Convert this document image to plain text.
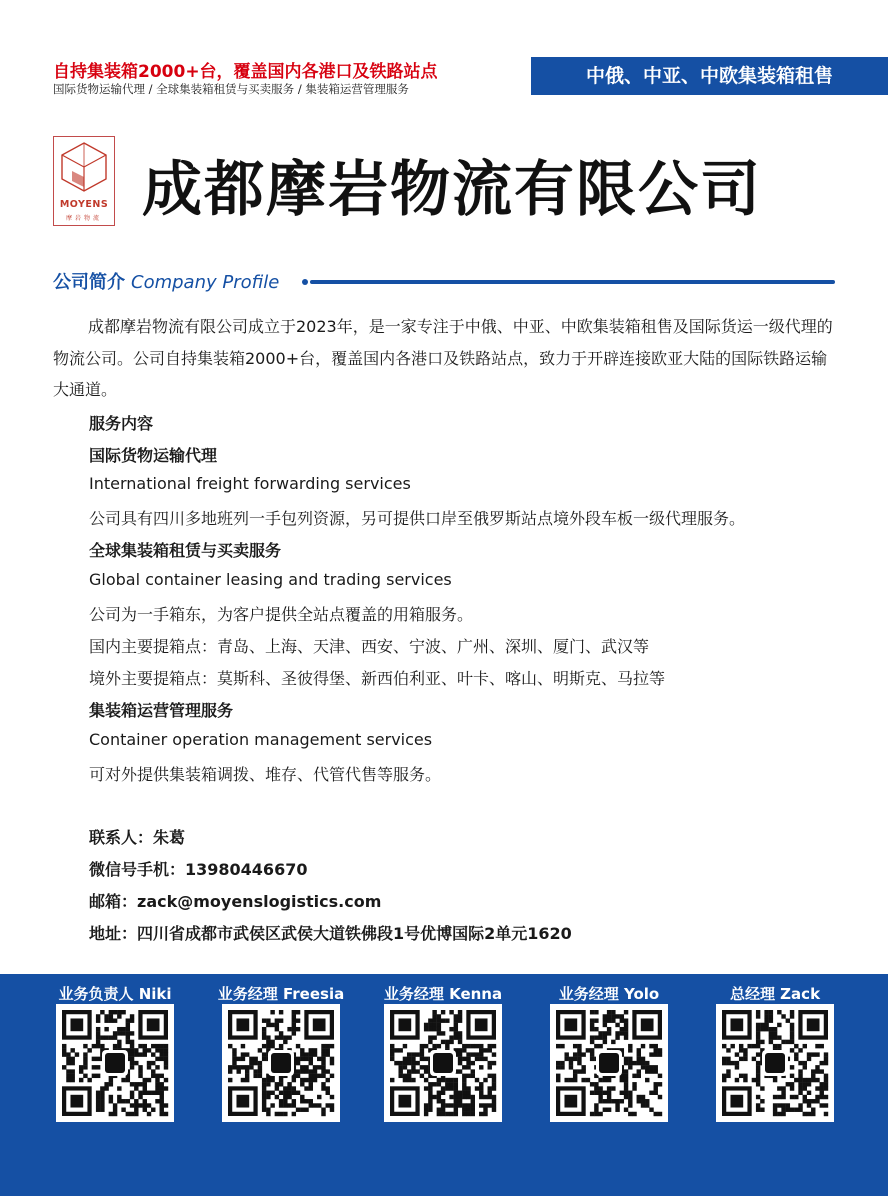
自持集装箱2000+台，覆盖国内各港口及铁路站点
国际货物运输代理 / 全球集装箱租赁与买卖服务 / 集装箱运营管理服务
中俄、中亚、中欧集装箱租售
MOYENS
摩岩物流 成都摩岩物流有限公司
公司简介 Company Profile
成都摩岩物流有限公司成立于2023年，是一家专注于中俄、中亚、中欧集装箱租售及国际货运一级代理的物流公司。公司自持集装箱2000+台，覆盖国内各港口及铁路站点，致力于开辟连接欧亚大陆的国际铁路运输大通道。
服务内容
国际货物运输代理
International freight forwarding services
公司具有四川多地班列一手包列资源，另可提供口岸至俄罗斯站点境外段车板一级代理服务。
全球集装箱租赁与买卖服务
Global container leasing and trading services
公司为一手箱东，为客户提供全站点覆盖的用箱服务。
国内主要提箱点：青岛、上海、天津、西安、宁波、广州、深圳、厦门、武汉等
境外主要提箱点：莫斯科、圣彼得堡、新西伯利亚、叶卡、喀山、明斯克、马拉等
集装箱运营管理服务
Container operation management services
可对外提供集装箱调拨、堆存、代管代售等服务。
联系人：朱葛
微信号手机：13980446670
邮箱：zack@moyenslogistics.com
地址：四川省成都市武侯区武侯大道铁佛段1号优博国际2单元1620
业务负责人 Niki	业务经理 Freesia	业务经理 Kenna	业务经理 Yolo	总经理 Zack
